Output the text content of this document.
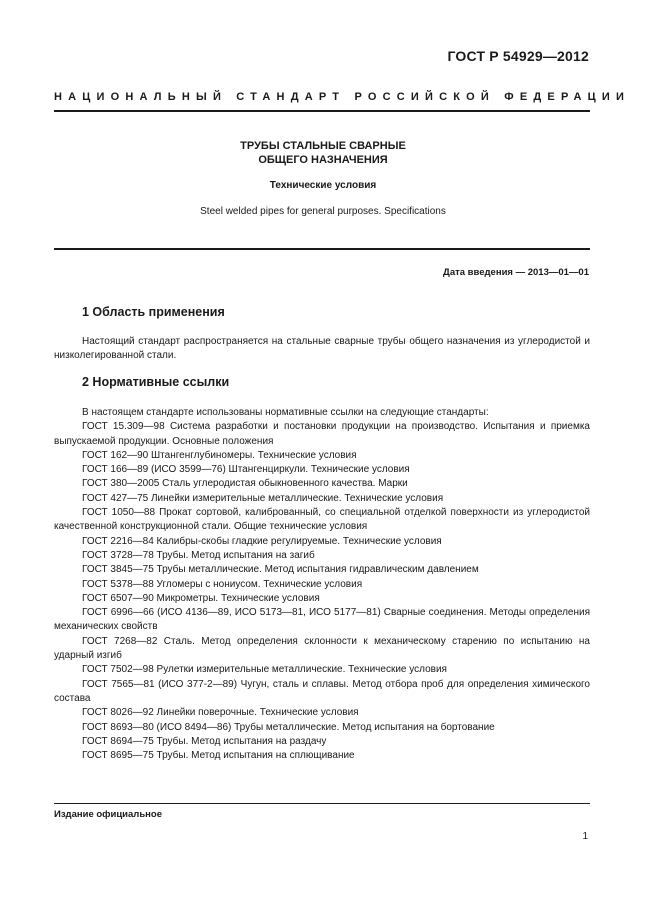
ГОСТ Р 54929—2012
НАЦИОНАЛЬНЫЙ СТАНДАРТ РОССИЙСКОЙ ФЕДЕРАЦИИ
ТРУБЫ СТАЛЬНЫЕ СВАРНЫЕ
ОБЩЕГО НАЗНАЧЕНИЯ
Технические условия
Steel welded pipes for general purposes. Specifications
Дата введения — 2013—01—01
1 Область применения

Настоящий стандарт распространяется на стальные сварные трубы общего назначения из углеродистой и низколегированной стали.

2 Нормативные ссылки

В настоящем стандарте использованы нормативные ссылки на следующие стандарты:

ГОСТ 15.309—98 Система разработки и постановки продукции на производство. Испытания и приемка выпускаемой продукции. Основные положения

ГОСТ 162—90 Штангенглубиномеры. Технические условия

ГОСТ 166—89 (ИСО 3599—76) Штангенциркули. Технические условия

ГОСТ 380—2005 Сталь углеродистая обыкновенного качества. Марки

ГОСТ 427—75 Линейки измерительные металлические. Технические условия

ГОСТ 1050—88 Прокат сортовой, калиброванный, со специальной отделкой поверхности из углеродистой качественной конструкционной стали. Общие технические условия

ГОСТ 2216—84 Калибры-скобы гладкие регулируемые. Технические условия

ГОСТ 3728—78 Трубы. Метод испытания на загиб

ГОСТ 3845—75 Трубы металлические. Метод испытания гидравлическим давлением

ГОСТ 5378—88 Угломеры с нониусом. Технические условия

ГОСТ 6507—90 Микрометры. Технические условия

ГОСТ 6996—66 (ИСО 4136—89, ИСО 5173—81, ИСО 5177—81) Сварные соединения. Методы определения механических свойств

ГОСТ 7268—82 Сталь. Метод определения склонности к механическому старению по испытанию на ударный изгиб

ГОСТ 7502—98 Рулетки измерительные металлические. Технические условия

ГОСТ 7565—81 (ИСО 377-2—89) Чугун, сталь и сплавы. Метод отбора проб для определения химического состава

ГОСТ 8026—92 Линейки поверочные. Технические условия

ГОСТ 8693—80 (ИСО 8494—86) Трубы металлические. Метод испытания на бортование

ГОСТ 8694—75 Трубы. Метод испытания на раздачу

ГОСТ 8695—75 Трубы. Метод испытания на сплющивание

Издание официальное
1
